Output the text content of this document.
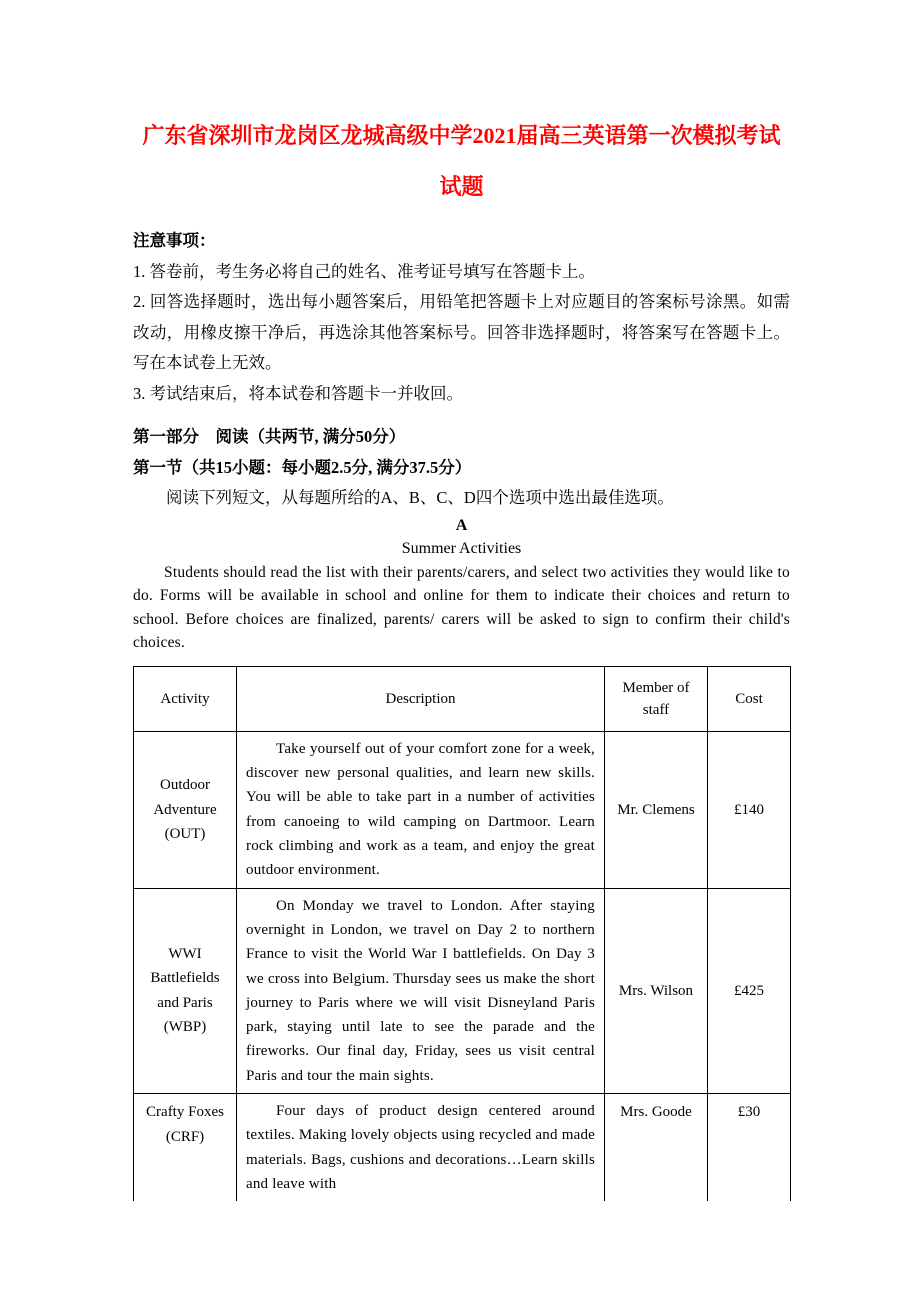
广东省深圳市龙岗区龙城高级中学2021届高三英语第一次模拟考试
试题

注意事项：

1. 答卷前，考生务必将自己的姓名、准考证号填写在答题卡上。

2. 回答选择题时，选出每小题答案后，用铅笔把答题卡上对应题目的答案标号涂黑。如需改动，用橡皮擦干净后，再选涂其他答案标号。回答非选择题时，将答案写在答题卡上。写在本试卷上无效。

3. 考试结束后，将本试卷和答题卡一并收回。

第一部分　阅读（共两节, 满分50分）

第一节（共15小题：每小题2.5分, 满分37.5分）

阅读下列短文，从每题所给的A、B、C、D四个选项中选出最佳选项。

A

Summer Activities

Students should read the list with their parents/carers, and select two activities they would like to do. Forms will be available in school and online for them to indicate their choices and return to school. Before choices are finalized, parents/ carers will be asked to sign to confirm their child's choices.

Activity	Description	Member of staff	Cost
Outdoor Adventure (OUT)	Take yourself out of your comfort zone for a week, discover new personal qualities, and learn new skills. You will be able to take part in a number of activities from canoeing to wild camping on Dartmoor. Learn rock climbing and work as a team, and enjoy the great outdoor environment.	Mr. Clemens	£140
WWI Battlefields and Paris (WBP)	On Monday we travel to London. After staying overnight in London, we travel on Day 2 to northern France to visit the World War I battlefields. On Day 3 we cross into Belgium. Thursday sees us make the short journey to Paris where we will visit Disneyland Paris park, staying until late to see the parade and the fireworks. Our final day, Friday, sees us visit central Paris and tour the main sights.	Mrs. Wilson	£425
Crafty Foxes (CRF)	Four days of product design centered around textiles. Making lovely objects using recycled and made materials. Bags, cushions and decorations…Learn skills and leave with	Mrs. Goode	£30
